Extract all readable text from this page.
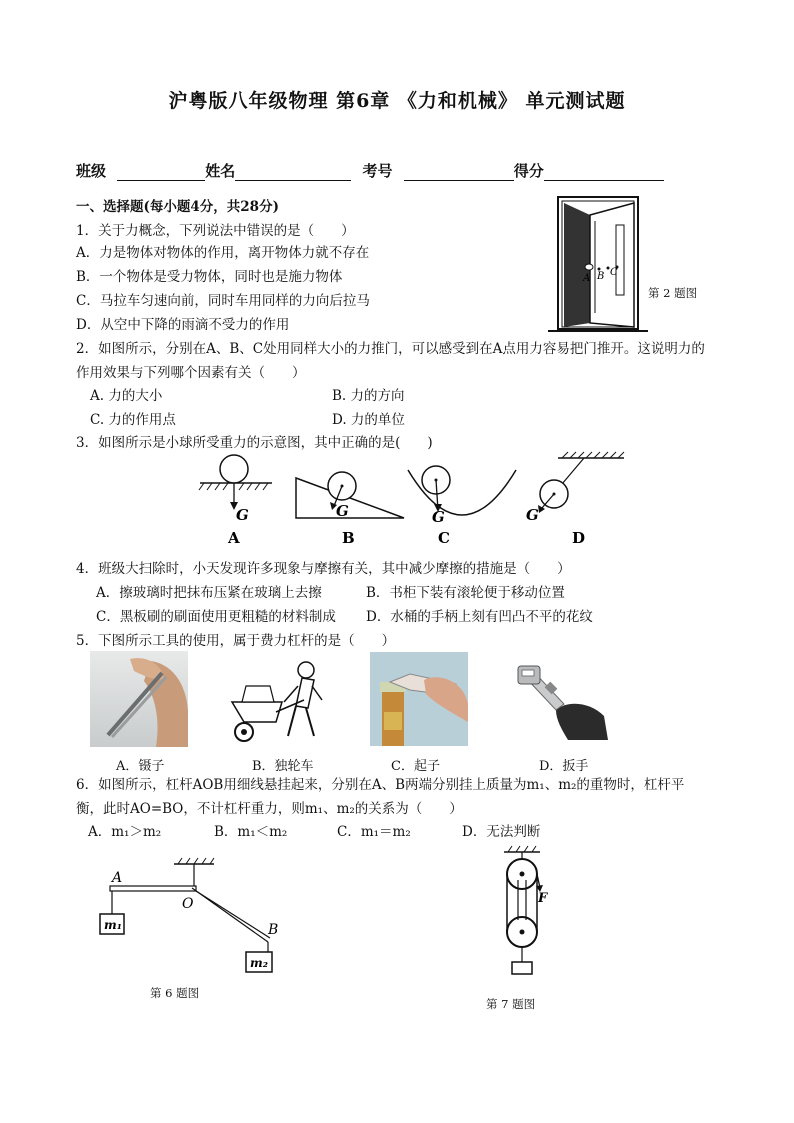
沪粤版八年级物理 第6章 《力和机械》 单元测试题
班级	姓名	考号	得分
一、选择题(每小题4分，共28分)
1．关于力概念，下列说法中错误的是（　　）
A．力是物体对物体的作用，离开物体力就不存在
B．一个物体是受力物体，同时也是施力物体
C．马拉车匀速向前，同时车用同样的力向后拉马
D．从空中下降的雨滴不受力的作用
A B C
第 2 题图
2．如图所示，分别在A、B、C处用同样大小的力推门，可以感受到在A点用力容易把门推开。这说明力的
作用效果与下列哪个因素有关（　　）
A. 力的大小	B. 力的方向
C. 力的作用点	D. 力的单位
3．如图所示是小球所受重力的示意图，其中正确的是(　　)
G
A
G
B
G
C
G
D
4．班级大扫除时，小天发现许多现象与摩擦有关，其中减少摩擦的措施是（　　）
A．擦玻璃时把抹布压紧在玻璃上去擦	B．书柜下装有滚轮便于移动位置
C．黑板刷的刷面使用更粗糙的材料制成 D．水桶的手柄上刻有凹凸不平的花纹
5．下图所示工具的使用，属于费力杠杆的是（　　）
A．镊子	B．独轮车	C．起子	D．扳手
6．如图所示，杠杆AOB用细线悬挂起来，分别在A、B两端分别挂上质量为m₁、m₂的重物时，杠杆平
衡，此时AO=BO，不计杠杆重力，则m₁、m₂的关系为（　　）
A．m₁＞m₂	B．m₁＜m₂	C．m₁＝m₂	D．无法判断
A
O
B
m₁
m₂
第 6 题图
F
第 7 题图
